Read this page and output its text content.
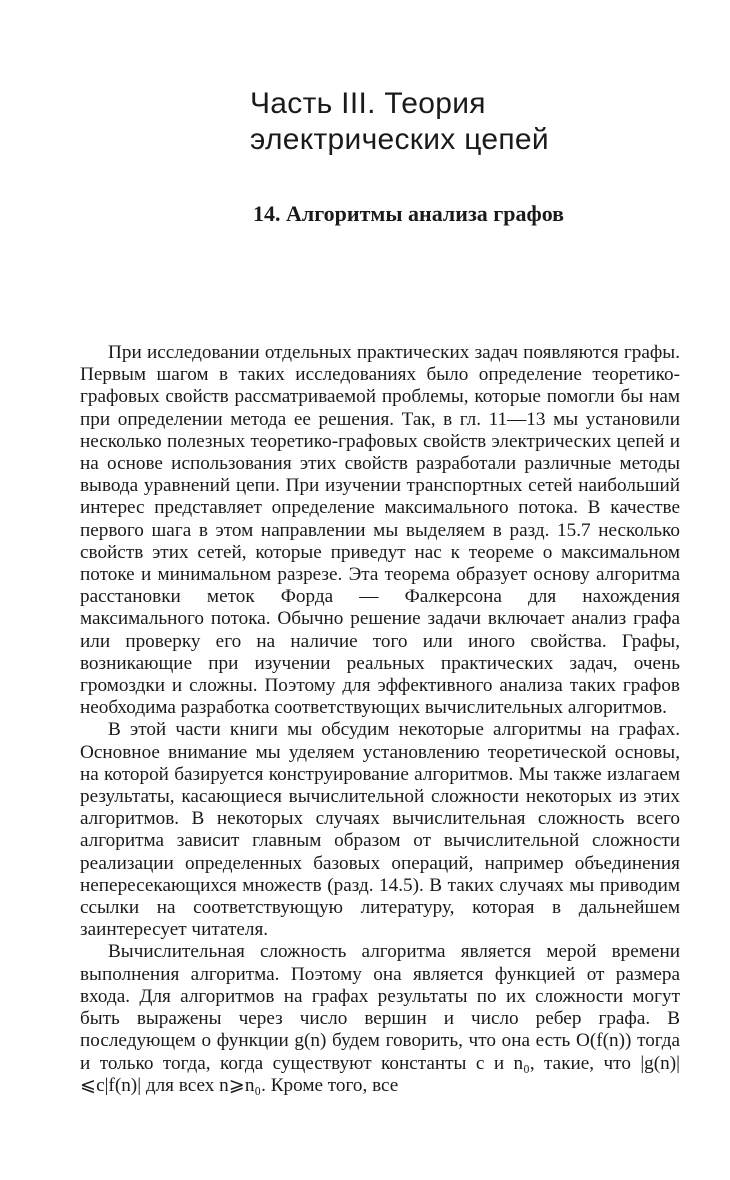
Часть III. Теория
электрических цепей
14. Алгоритмы анализа графов

При исследовании отдельных практических задач появляются графы. Первым шагом в таких исследованиях было определение теоретико-графовых свойств рассматриваемой проблемы, которые помогли бы нам при определении метода ее решения. Так, в гл. 11—13 мы установили несколько полезных теоретико-графовых свойств электрических цепей и на основе использования этих свойств разработали различные методы вывода уравнений цепи. При изучении транспортных сетей наибольший интерес представляет определение максимального потока. В качестве первого шага в этом направлении мы выделяем в разд. 15.7 несколько свойств этих сетей, которые приведут нас к теореме о максимальном потоке и минимальном разрезе. Эта теорема образует основу алгоритма расстановки меток Форда — Фалкерсона для нахождения максимального потока. Обычно решение задачи включает анализ графа или проверку его на наличие того или иного свойства. Графы, возникающие при изучении реальных практических задач, очень громоздки и сложны. Поэтому для эффективного анализа таких графов необходима разработка соответствующих вычислительных алгоритмов.

В этой части книги мы обсудим некоторые алгоритмы на графах. Основное внимание мы уделяем установлению теоретической основы, на которой базируется конструирование алгоритмов. Мы также излагаем результаты, касающиеся вычислительной сложности некоторых из этих алгоритмов. В некоторых случаях вычислительная сложность всего алгоритма зависит главным образом от вычислительной сложности реализации определенных базовых операций, например объединения непересекающихся множеств (разд. 14.5). В таких случаях мы приводим ссылки на соответствующую литературу, которая в дальнейшем заинтересует читателя.

Вычислительная сложность алгоритма является мерой времени выполнения алгоритма. Поэтому она является функцией от размера входа. Для алгоритмов на графах результаты по их сложности могут быть выражены через число вершин и число ребер графа. В последующем о функции g(n) будем говорить, что она есть O(f(n)) тогда и только тогда, когда существуют константы c и n₀, такие, что |g(n)|⩽c|f(n)| для всех n⩾n₀. Кроме того, все
